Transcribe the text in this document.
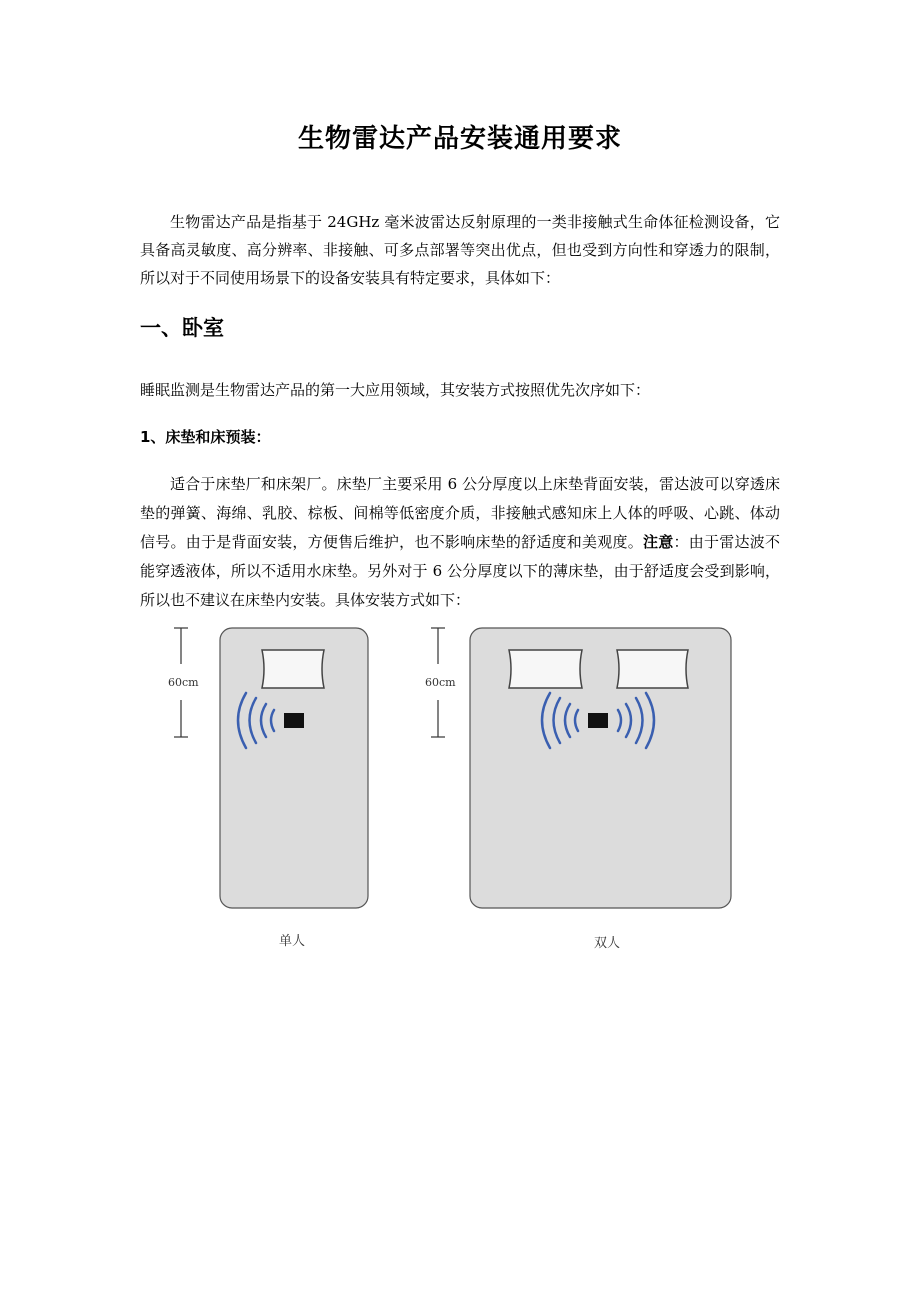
生物雷达产品安装通用要求
生物雷达产品是指基于 24GHz 毫米波雷达反射原理的一类非接触式生命体征检测设备，它具备高灵敏度、高分辨率、非接触、可多点部署等突出优点，但也受到方向性和穿透力的限制，所以对于不同使用场景下的设备安装具有特定要求，具体如下：
一、卧室
睡眠监测是生物雷达产品的第一大应用领域，其安装方式按照优先次序如下：
1、床垫和床预装：
适合于床垫厂和床架厂。床垫厂主要采用 6 公分厚度以上床垫背面安装，雷达波可以穿透床垫的弹簧、海绵、乳胶、棕板、间棉等低密度介质，非接触式感知床上人体的呼吸、心跳、体动信号。由于是背面安装，方便售后维护，也不影响床垫的舒适度和美观度。注意：由于雷达波不能穿透液体，所以不适用水床垫。另外对于 6 公分厚度以下的薄床垫，由于舒适度会受到影响，所以也不建议在床垫内安装。具体安装方式如下：
60cm
单人
60cm
双人
